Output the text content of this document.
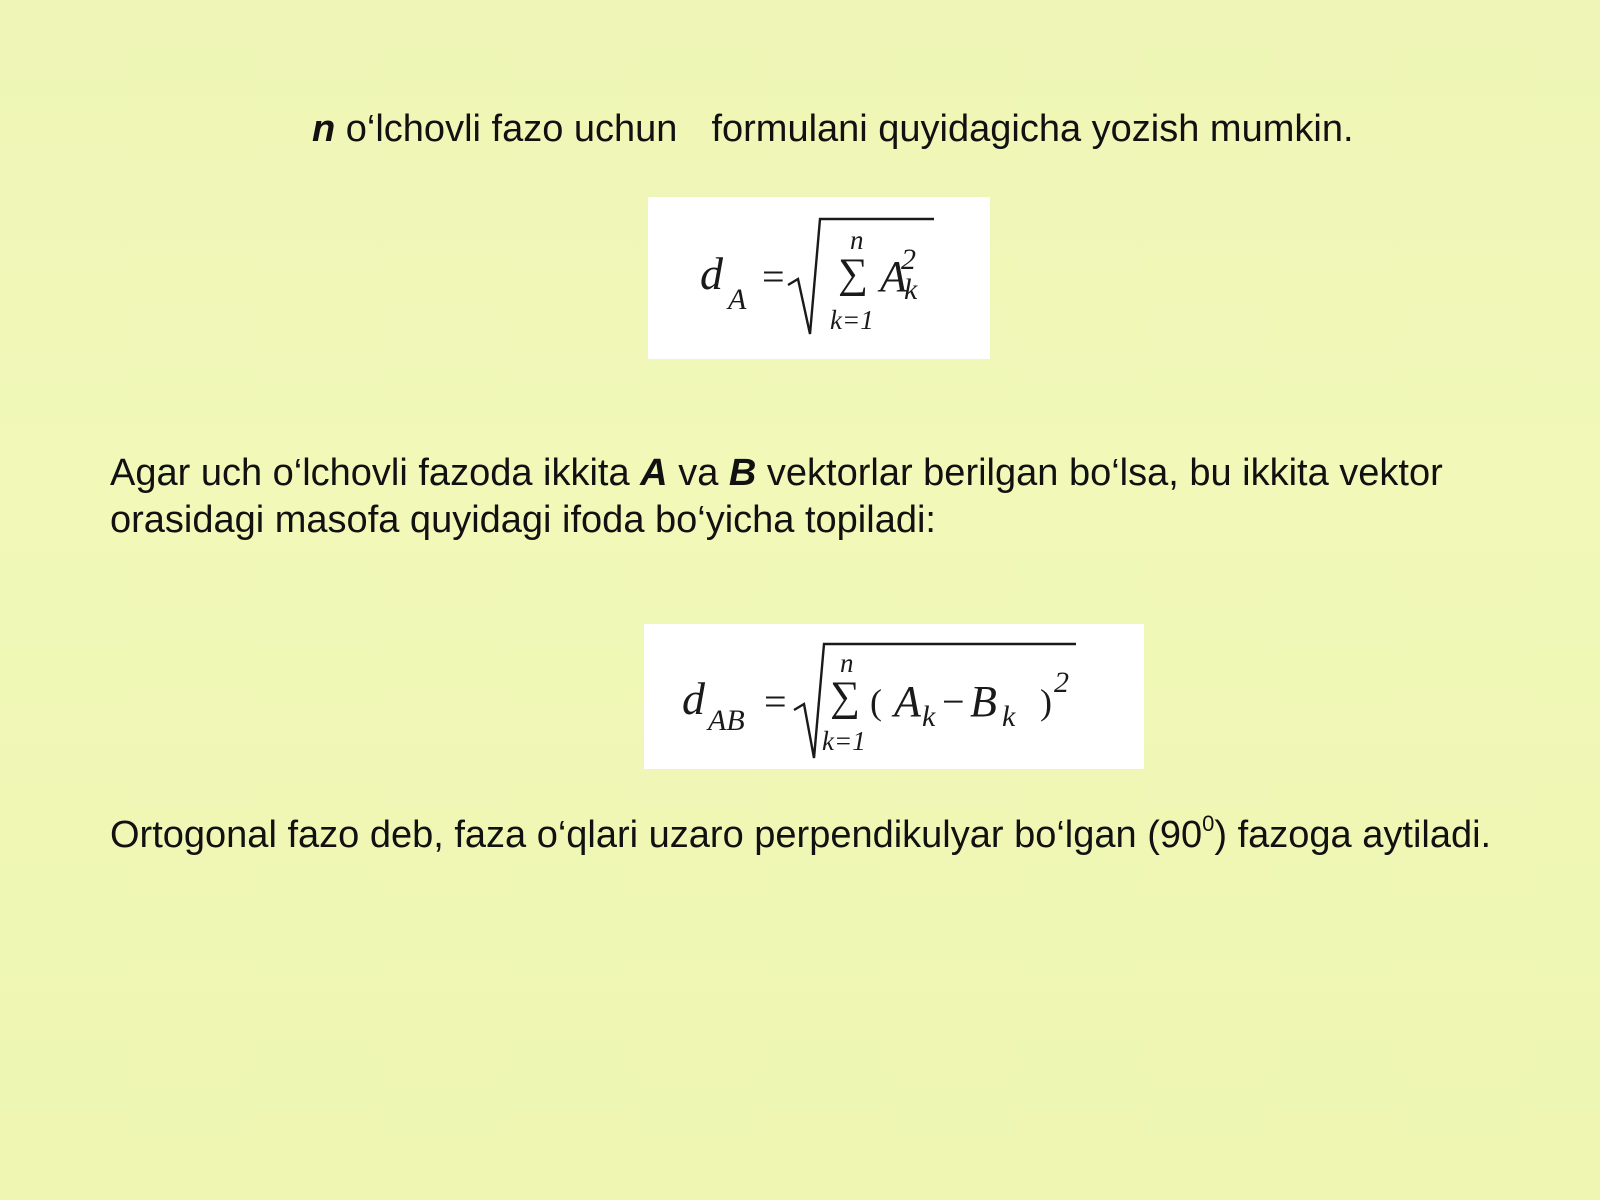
n o‘lchovli fazo uchun formulani quyidagicha yozish mumkin.

d
A
=
n
∑
k=1
A
2
k

Agar uch o‘lchovli fazoda ikkita A va B vektorlar berilgan bo‘lsa, bu ikkita vektor orasidagi masofa quyidagi ifoda bo‘yicha topiladi:

d AB =
n
∑
k=1
( A k − B k ) 2

Ortogonal fazo deb, faza o‘qlari uzaro perpendikulyar bo‘lgan $(90^0)$ fazoga aytiladi.
